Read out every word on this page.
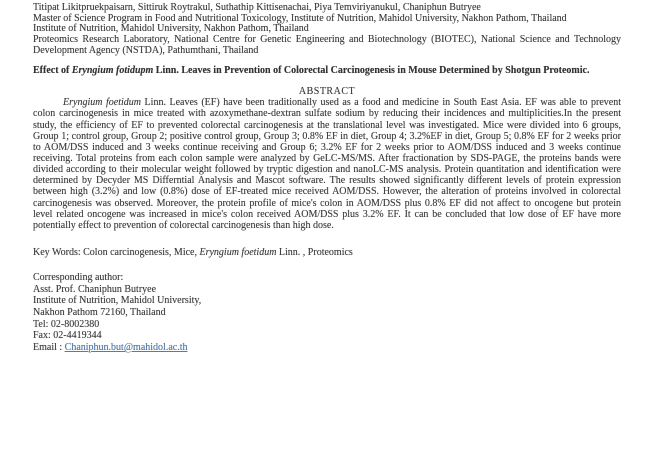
Titipat Likitpruekpaisarn, Sittiruk Roytrakul, Suthathip Kittisenachai, Piya Temviriyanukul, Chaniphun Butryee

Master of Science Program in Food and Nutritional Toxicology, Institute of Nutrition, Mahidol University, Nakhon Pathom, Thailand

Institute of Nutrition, Mahidol University, Nakhon Pathom, Thailand

Proteomics Research Laboratory, National Centre for Genetic Engineering and Biotechnology (BIOTEC), National Science and Technology Development Agency (NSTDA), Pathumthani, Thailand

Effect of Eryngium fotidupm Linn. Leaves in Prevention of Colorectal Carcinogenesis in Mouse Determined by Shotgun Proteomic.

ABSTRACT

Eryngium foetidum Linn. Leaves (EF) have been traditionally used as a food and medicine in South East Asia. EF was able to prevent colon carcinogenesis in mice treated with azoxymethane-dextran sulfate sodium by reducing their incidences and multiplicities.In the present study, the efficiency of EF to prevented colorectal carcinogenesis at the translational level was investigated. Mice were divided into 6 groups, Group 1; control group, Group 2; positive control group, Group 3; 0.8% EF in diet, Group 4; 3.2%EF in diet, Group 5; 0.8% EF for 2 weeks prior to AOM/DSS induced and 3 weeks continue receiving and Group 6; 3.2% EF for 2 weeks prior to AOM/DSS induced and 3 weeks continue receiving. Total proteins from each colon sample were analyzed by GeLC-MS/MS. After fractionation by SDS-PAGE, the proteins bands were divided according to their molecular weight followed by tryptic digestion and nanoLC-MS analysis. Protein quantitation and identification were determined by Decyder MS Differntial Analysis and Mascot software. The results showed significantly different levels of protein expression between high (3.2%) and low (0.8%) dose of EF-treated mice received AOM/DSS. However, the alteration of proteins involved in colorectal carcinogenesis was observed. Moreover, the protein profile of mice's colon in AOM/DSS plus 0.8% EF did not affect to oncogene but protein level related oncogene was increased in mice's colon received AOM/DSS plus 3.2% EF. It can be concluded that low dose of EF have more potentially effect to prevention of colorectal carcinogenesis than high dose.

Key Words: Colon carcinogenesis, Mice, Eryngium foetidum Linn. , Proteomics

Corresponding author:

Asst. Prof. Chaniphun Butryee

Institute of Nutrition, Mahidol University,

Nakhon Pathom 72160, Thailand

Tel: 02-8002380

Fax: 02-4419344

Email : Chaniphun.but@mahidol.ac.th
